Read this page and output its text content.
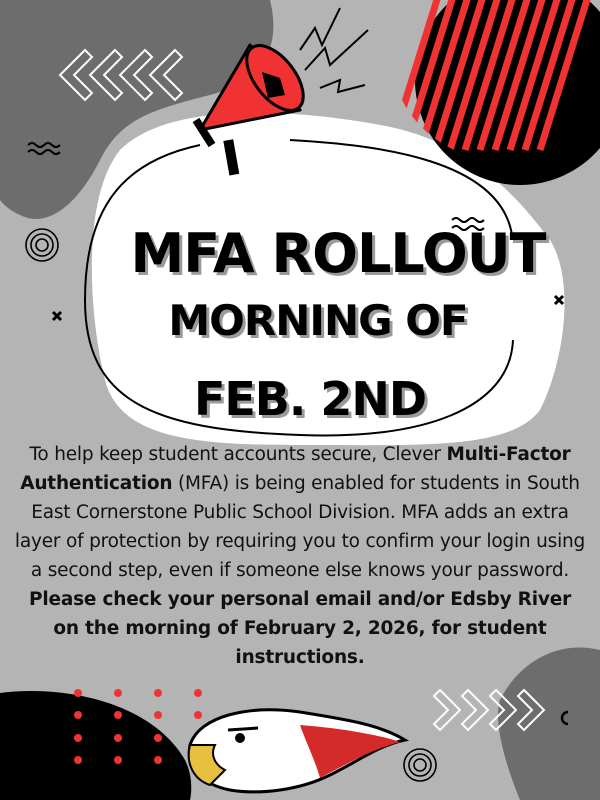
MFA ROLLOUT
MORNING OF
FEB. 2ND
To help keep student accounts secure, Clever Multi-Factor Authentication (MFA) is being enabled for students in South East Cornerstone Public School Division. MFA adds an extra layer of protection by requiring you to confirm your login using a second step, even if someone else knows your password. Please check your personal email and/or Edsby River on the morning of February 2, 2026, for student instructions.
